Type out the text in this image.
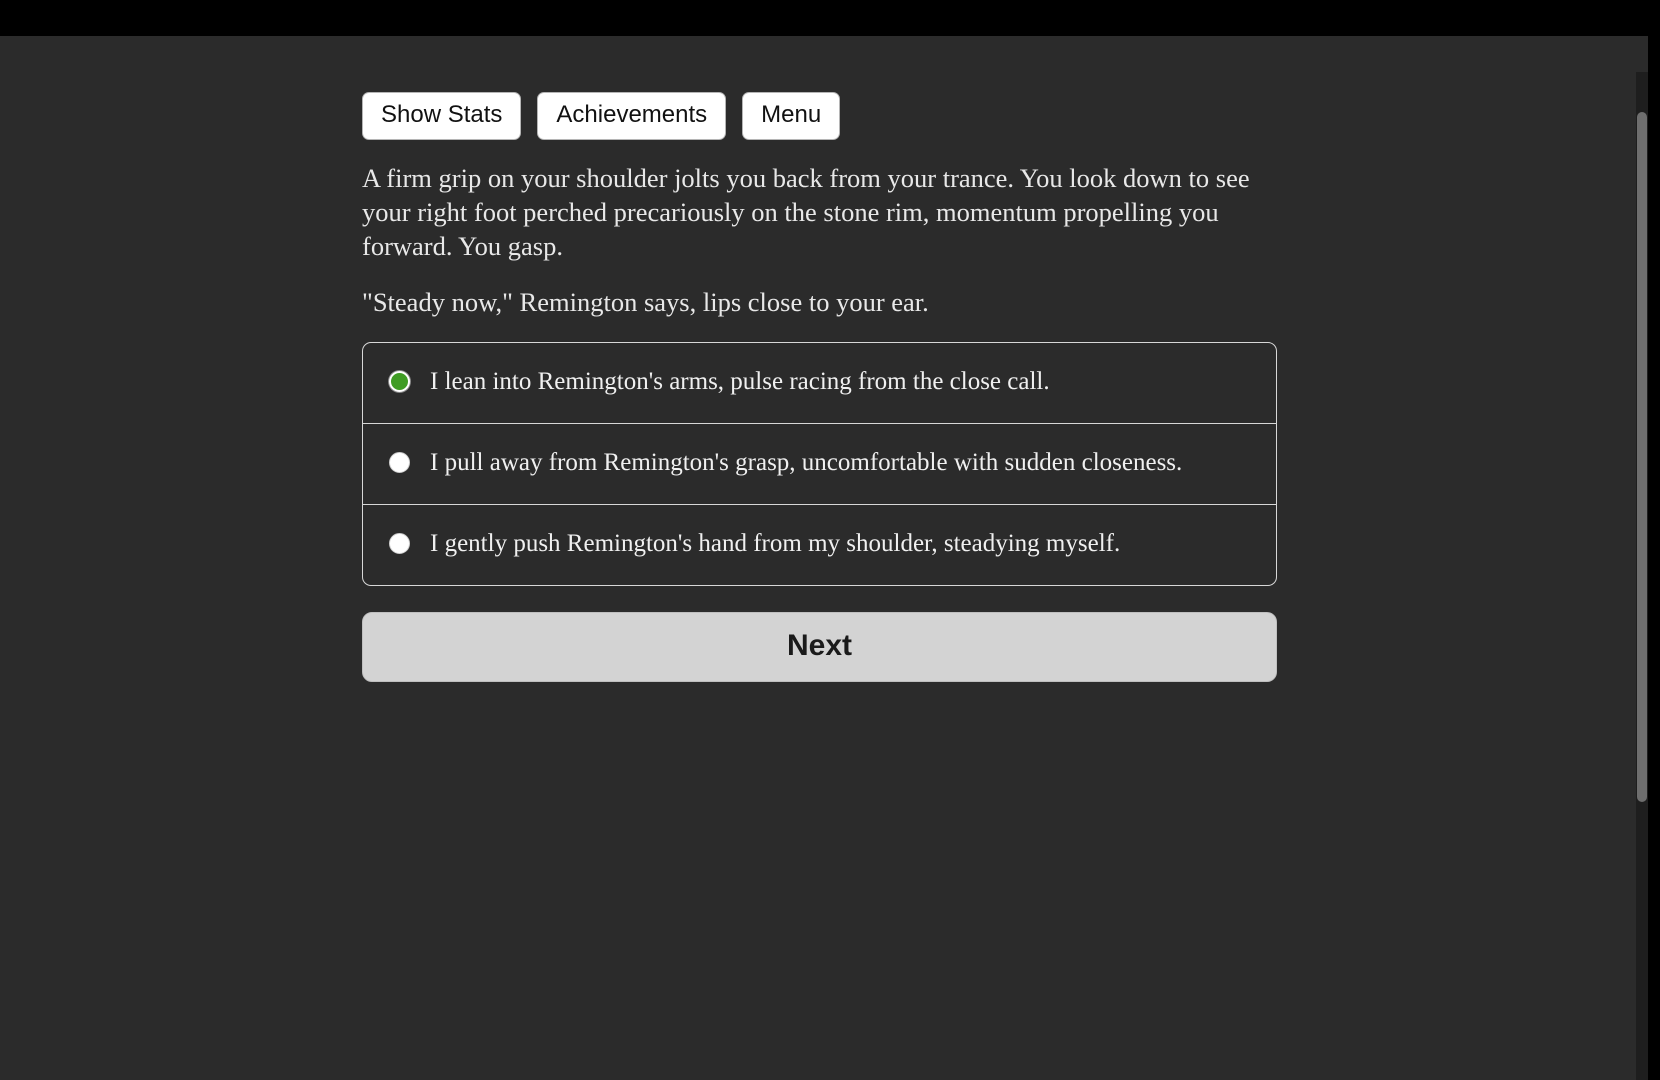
Show Stats	Achievements	Menu

A firm grip on your shoulder jolts you back from your trance. You look down to see your right foot perched precariously on the stone rim, momentum propelling you forward. You gasp.

"Steady now," Remington says, lips close to your ear.

I lean into Remington's arms, pulse racing from the close call.
I pull away from Remington's grasp, uncomfortable with sudden closeness.
I gently push Remington's hand from my shoulder, steadying myself.
Next
